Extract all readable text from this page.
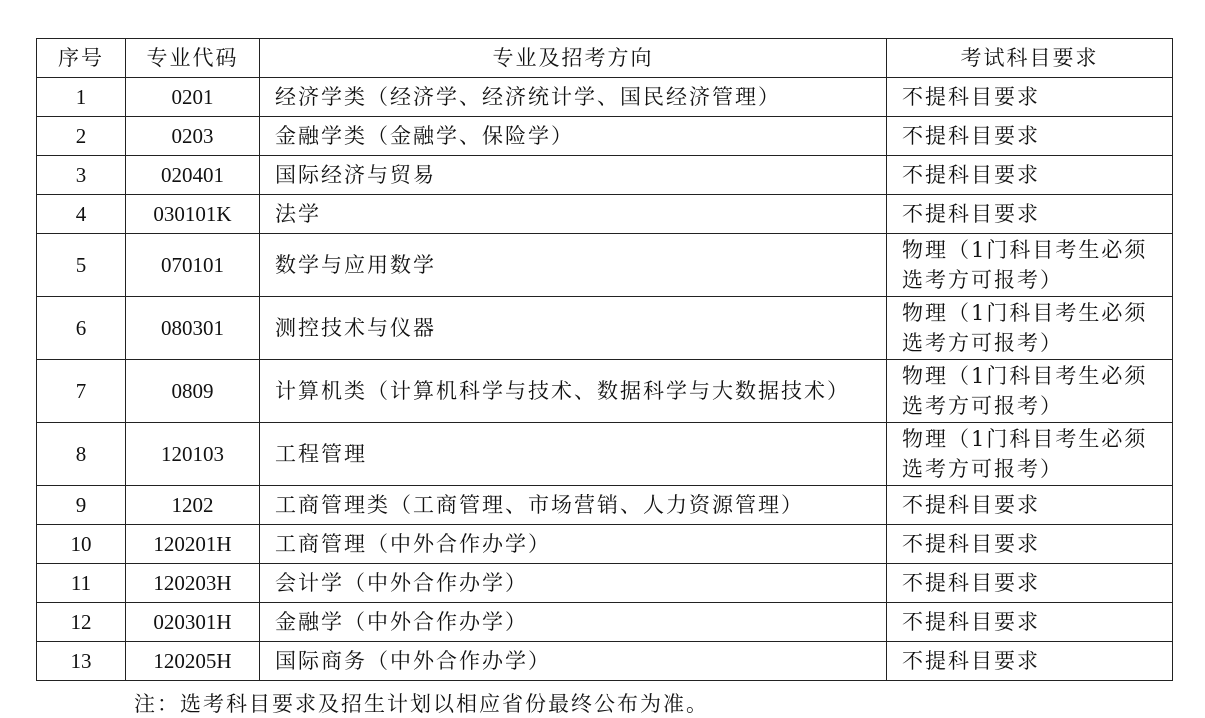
序号	专业代码	专业及招考方向	考试科目要求
1	0201	经济学类（经济学、经济统计学、国民经济管理）	不提科目要求
2	0203	金融学类（金融学、保险学）	不提科目要求
3	020401	国际经济与贸易	不提科目要求
4	030101K	法学	不提科目要求
5	070101	数学与应用数学	物理（1门科目考生必须选考方可报考）
6	080301	测控技术与仪器	物理（1门科目考生必须选考方可报考）
7	0809	计算机类（计算机科学与技术、数据科学与大数据技术）	物理（1门科目考生必须选考方可报考）
8	120103	工程管理	物理（1门科目考生必须选考方可报考）
9	1202	工商管理类（工商管理、市场营销、人力资源管理）	不提科目要求
10	120201H	工商管理（中外合作办学）	不提科目要求
11	120203H	会计学（中外合作办学）	不提科目要求
12	020301H	金融学（中外合作办学）	不提科目要求
13	120205H	国际商务（中外合作办学）	不提科目要求
注：选考科目要求及招生计划以相应省份最终公布为准。
